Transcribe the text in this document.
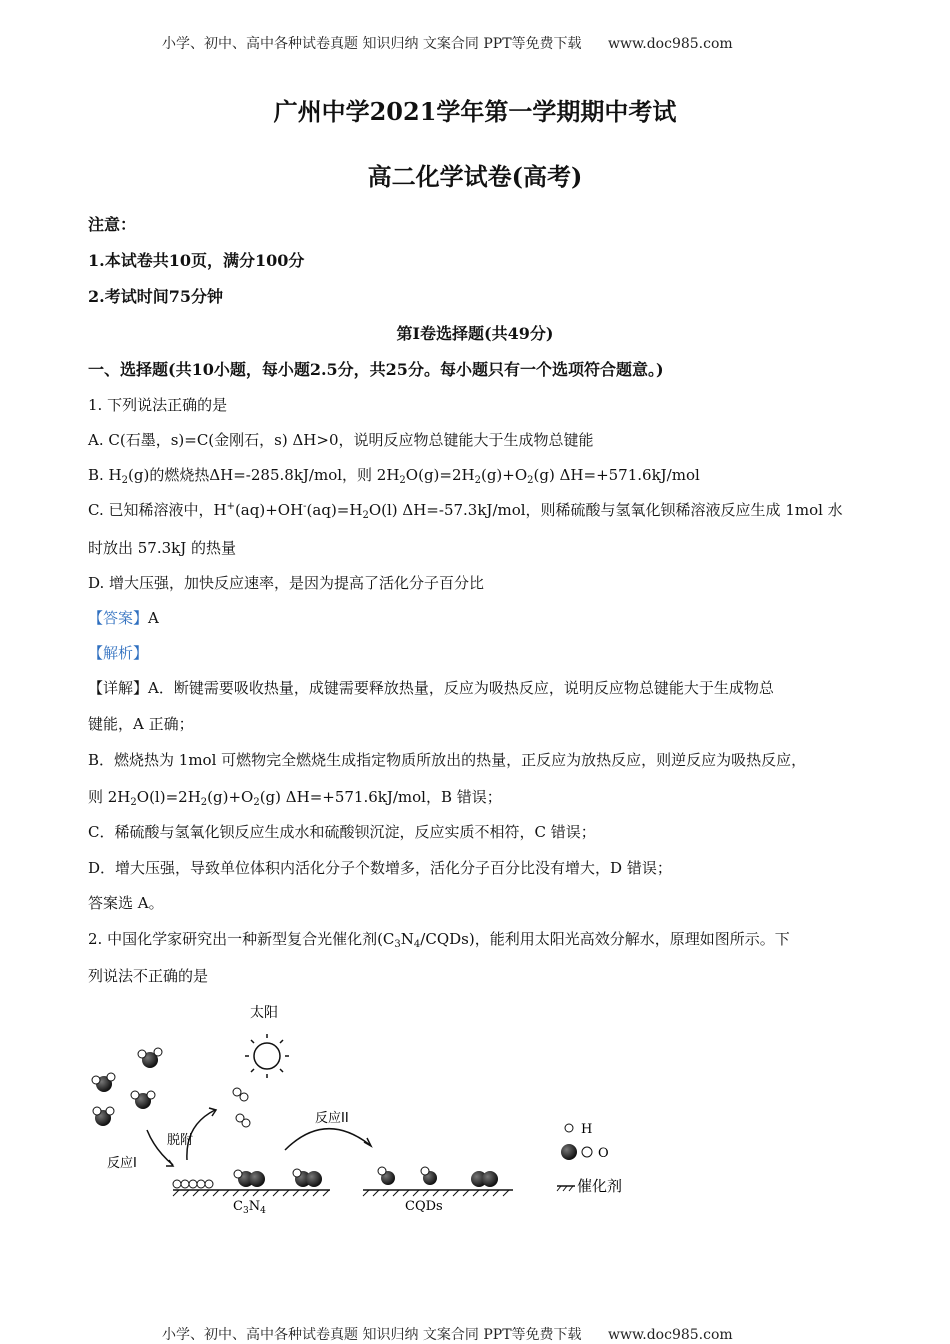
小学、初中、高中各种试卷真题 知识归纳 文案合同 PPT等免费下载 www.doc985.com
广州中学2021学年第一学期期中考试
高二化学试卷(高考)
注意：
1.本试卷共10页，满分100分
2.考试时间75分钟
第I卷选择题(共49分)
一、选择题(共10小题，每小题2.5分，共25分。每小题只有一个选项符合题意。)
1. 下列说法正确的是
A. C(石墨，s)=C(金刚石，s) ΔH>0，说明反应物总键能大于生成物总键能
B. $H_2(g)$的燃烧热ΔH=-285.8kJ/mol，则 $2H_2O(g)=2H_2(g)+O_2(g)$ ΔH=+571.6kJ/mol
C. 已知稀溶液中，$H^+(aq)+OH^-(aq)=H_2O(l)$ ΔH=-57.3kJ/mol，则稀硫酸与氢氧化钡稀溶液反应生成 1mol 水
时放出 57.3kJ 的热量
D. 增大压强，加快反应速率，是因为提高了活化分子百分比
【答案】A
【解析】
【详解】A．断键需要吸收热量，成键需要释放热量，反应为吸热反应，说明反应物总键能大于生成物总
键能，A 正确；
B．燃烧热为 1mol 可燃物完全燃烧生成指定物质所放出的热量，正反应为放热反应，则逆反应为吸热反应，
则 $2H_2O(l)=2H_2(g)+O_2(g)$ ΔH=+571.6kJ/mol，B 错误；
C．稀硫酸与氢氧化钡反应生成水和硫酸钡沉淀，反应实质不相符，C 错误；
D．增大压强，导致单位体积内活化分子个数增多，活化分子百分比没有增大，D 错误；
答案选 A。
2. 中国化学家研究出一种新型复合光催化剂$(C_3N_4/CQDs)$，能利用太阳光高效分解水，原理如图所示。下
列说法不正确的是
太阳
脱附
反应I
反应II
$C_3N_4$	CQDs
H
O
催化剂
小学、初中、高中各种试卷真题 知识归纳 文案合同 PPT等免费下载 www.doc985.com
